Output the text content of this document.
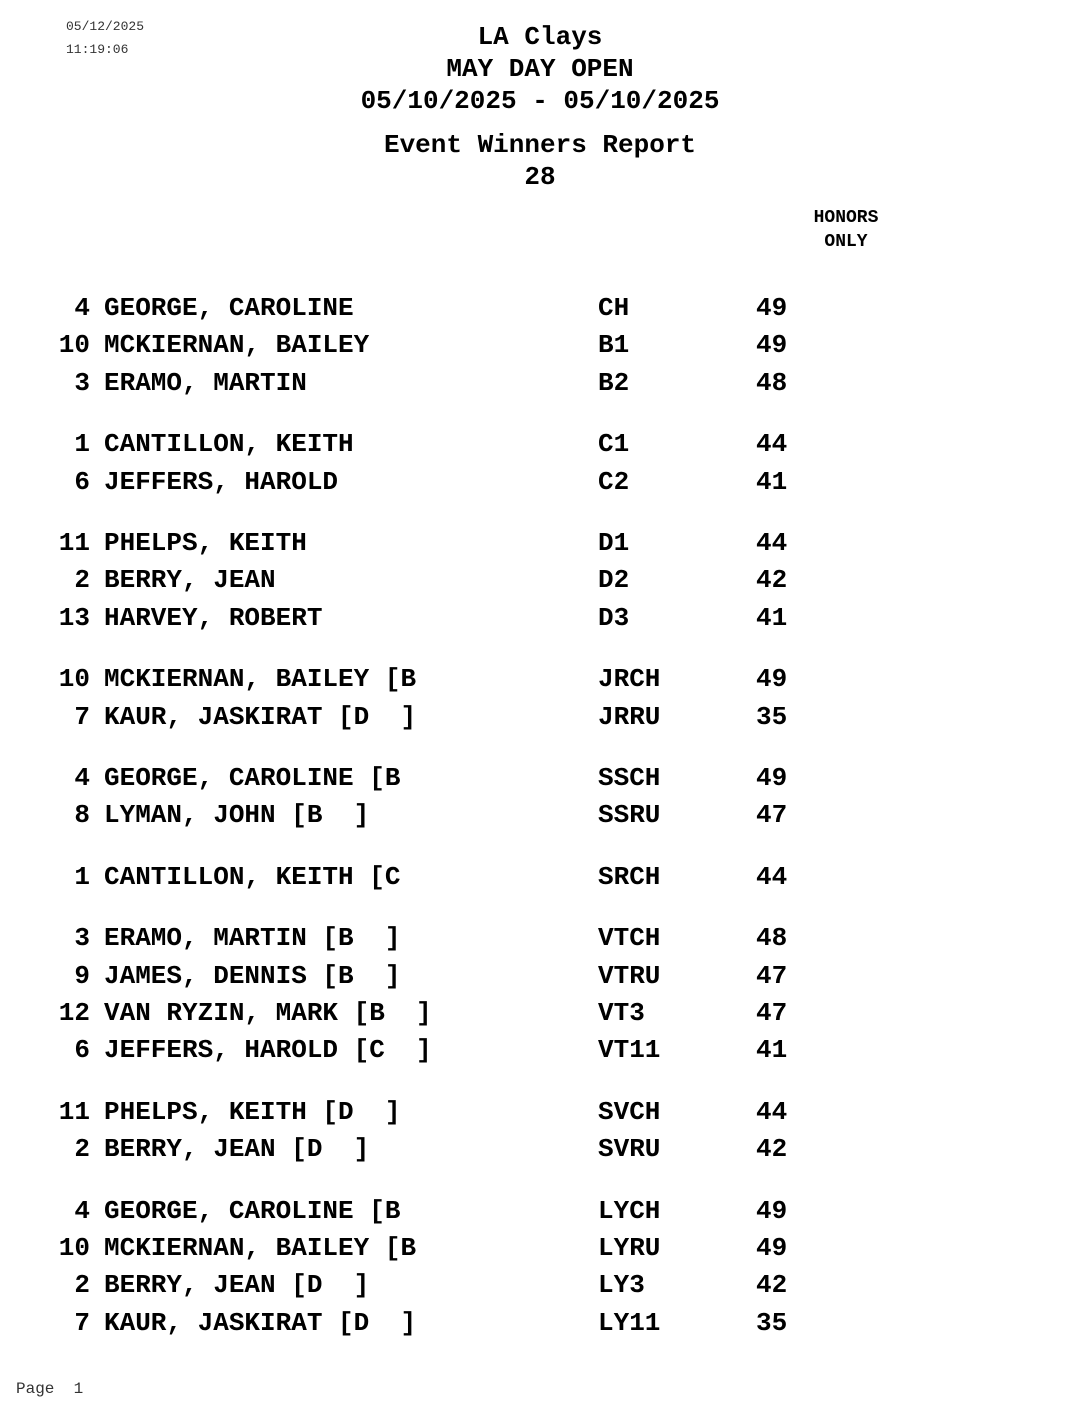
05/12/2025
11:19:06	LA Clays
MAY DAY OPEN
05/10/2025 - 05/10/2025
Event Winners Report
28
HONORS
ONLY
4 GEORGE, CAROLINE	CH	49
10 MCKIERNAN, BAILEY	B1	49
3 ERAMO, MARTIN	B2	48
1 CANTILLON, KEITH	C1	44
6 JEFFERS, HAROLD	C2	41
11 PHELPS, KEITH	D1	44
2 BERRY, JEAN	D2	42
13 HARVEY, ROBERT	D3	41
10 MCKIERNAN, BAILEY [B	JRCH	49
7 KAUR, JASKIRAT [D  ]	JRRU	35
4 GEORGE, CAROLINE [B	SSCH	49
8 LYMAN, JOHN [B  ]	SSRU	47
1 CANTILLON, KEITH [C	SRCH	44
3 ERAMO, MARTIN [B  ]	VTCH	48
9 JAMES, DENNIS [B  ]	VTRU	47
12 VAN RYZIN, MARK [B  ]	VT3	47
6 JEFFERS, HAROLD [C  ]	VT11	41
11 PHELPS, KEITH [D  ]	SVCH	44
2 BERRY, JEAN [D  ]	SVRU	42
4 GEORGE, CAROLINE [B	LYCH	49
10 MCKIERNAN, BAILEY [B	LYRU	49
2 BERRY, JEAN [D  ]	LY3	42
7 KAUR, JASKIRAT [D  ]	LY11	35
Page 1
